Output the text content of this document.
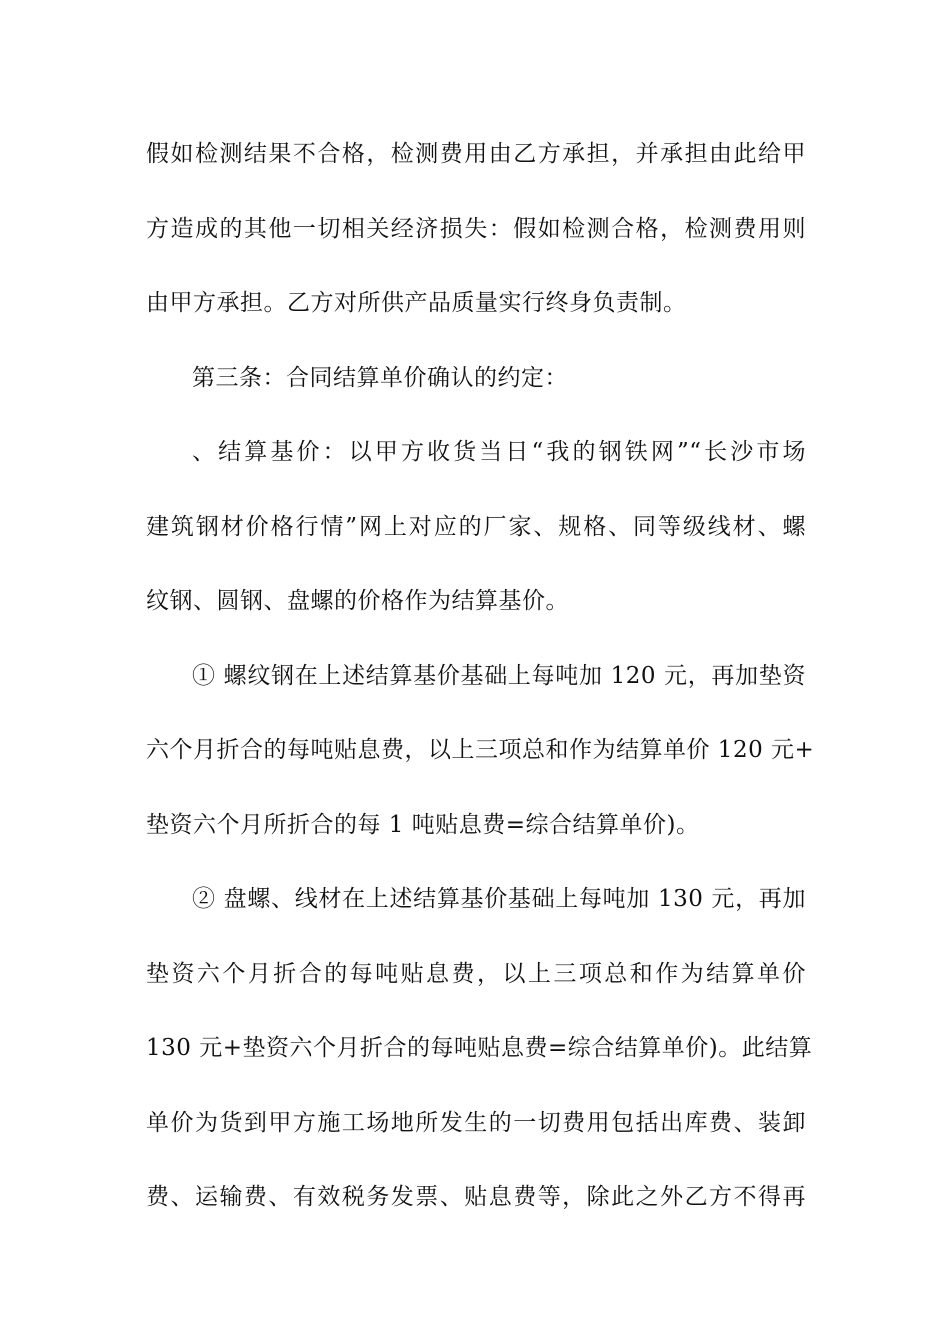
假如检测结果不合格，检测费用由乙方承担，并承担由此给甲
方造成的其他一切相关经济损失：假如检测合格，检测费用则
由甲方承担。乙方对所供产品质量实行终身负责制。
第三条：合同结算单价确认的约定：
、结算基价：以甲方收货当日“我的钢铁网”“长沙市场
建筑钢材价格行情”网上对应的厂家、规格、同等级线材、螺
纹钢、圆钢、盘螺的价格作为结算基价。
① 螺纹钢在上述结算基价基础上每吨加 120 元，再加垫资
六个月折合的每吨贴息费，以上三项总和作为结算单价 120 元+
垫资六个月所折合的每 1 吨贴息费=综合结算单价)。
② 盘螺、线材在上述结算基价基础上每吨加 130 元，再加
垫资六个月折合的每吨贴息费，以上三项总和作为结算单价
130 元+垫资六个月折合的每吨贴息费=综合结算单价)。此结算
单价为货到甲方施工场地所发生的一切费用包括出库费、装卸
费、运输费、有效税务发票、贴息费等，除此之外乙方不得再
